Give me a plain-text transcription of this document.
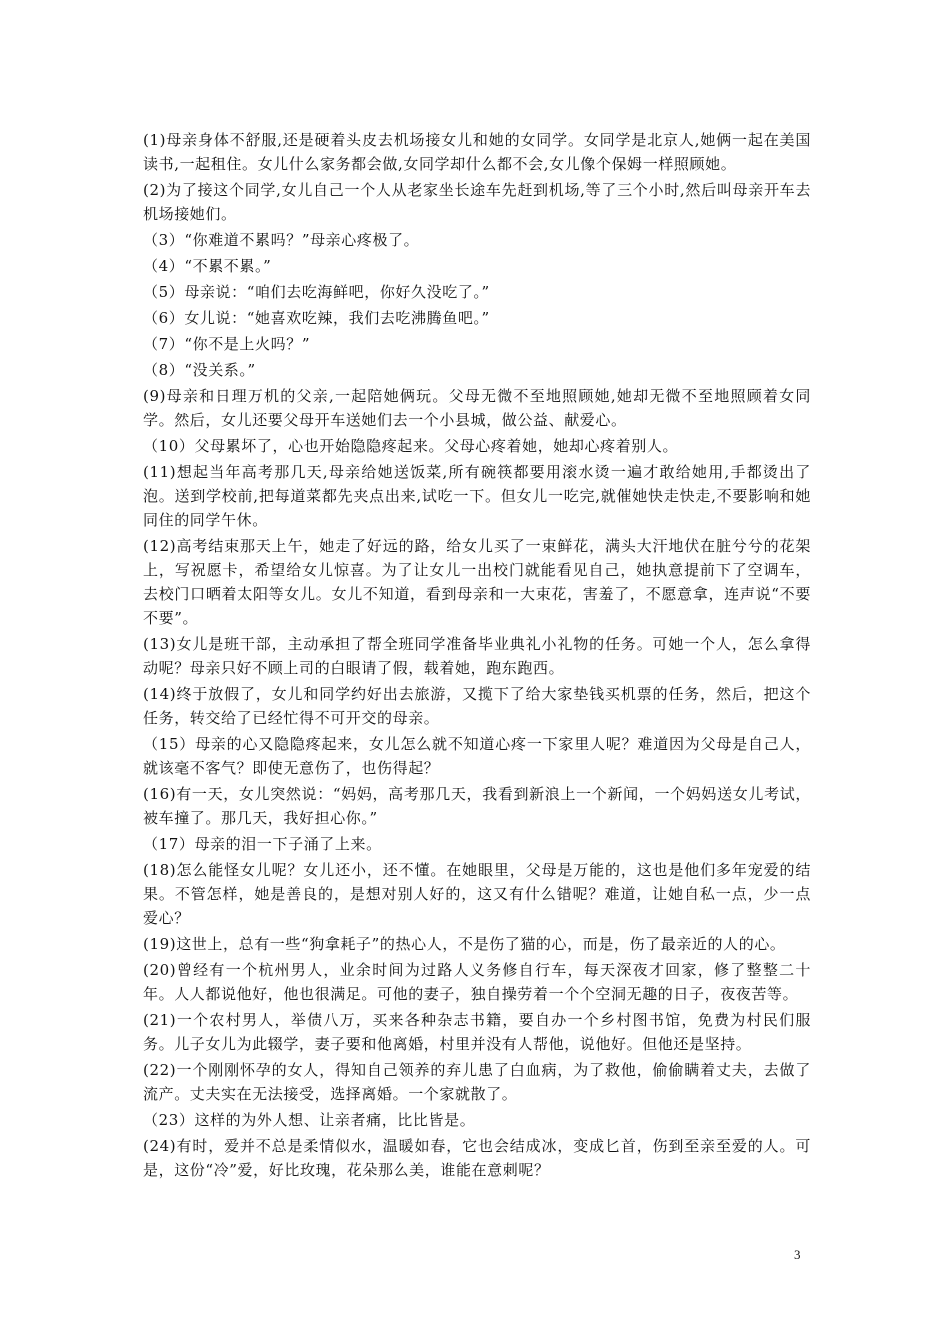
(1)母亲身体不舒服,还是硬着头皮去机场接女儿和她的女同学。女同学是北京人,她俩一起在美国读书,一起租住。女儿什么家务都会做,女同学却什么都不会,女儿像个保姆一样照顾她。

(2)为了接这个同学,女儿自己一个人从老家坐长途车先赶到机场,等了三个小时,然后叫母亲开车去机场接她们。

（3）“你难道不累吗？”母亲心疼极了。

（4）“不累不累。”

（5）母亲说：“咱们去吃海鲜吧，你好久没吃了。”

（6）女儿说：“她喜欢吃辣，我们去吃沸腾鱼吧。”

（7）“你不是上火吗？”

（8）“没关系。”

(9)母亲和日理万机的父亲,一起陪她俩玩。父母无微不至地照顾她,她却无微不至地照顾着女同学。然后，女儿还要父母开车送她们去一个小县城，做公益、献爱心。

（10）父母累坏了，心也开始隐隐疼起来。父母心疼着她，她却心疼着别人。

(11)想起当年高考那几天,母亲给她送饭菜,所有碗筷都要用滚水烫一遍才敢给她用,手都烫出了泡。送到学校前,把每道菜都先夹点出来,试吃一下。但女儿一吃完,就催她快走快走,不要影响和她同住的同学午休。

(12)高考结束那天上午，她走了好远的路，给女儿买了一束鲜花，满头大汗地伏在脏兮兮的花架上，写祝愿卡，希望给女儿惊喜。为了让女儿一出校门就能看见自己，她执意提前下了空调车，去校门口晒着太阳等女儿。女儿不知道，看到母亲和一大束花，害羞了，不愿意拿，连声说“不要不要”。

(13)女儿是班干部，主动承担了帮全班同学准备毕业典礼小礼物的任务。可她一个人，怎么拿得动呢？母亲只好不顾上司的白眼请了假，载着她，跑东跑西。

(14)终于放假了，女儿和同学约好出去旅游，又揽下了给大家垫钱买机票的任务，然后，把这个任务，转交给了已经忙得不可开交的母亲。

（15）母亲的心又隐隐疼起来，女儿怎么就不知道心疼一下家里人呢？难道因为父母是自己人，就该毫不客气？即使无意伤了，也伤得起？

(16)有一天，女儿突然说：“妈妈，高考那几天，我看到新浪上一个新闻，一个妈妈送女儿考试，被车撞了。那几天，我好担心你。”

（17）母亲的泪一下子涌了上来。

(18)怎么能怪女儿呢？女儿还小，还不懂。在她眼里，父母是万能的，这也是他们多年宠爱的结果。不管怎样，她是善良的，是想对别人好的，这又有什么错呢？难道，让她自私一点，少一点爱心？

(19)这世上，总有一些“狗拿耗子”的热心人，不是伤了猫的心，而是，伤了最亲近的人的心。

(20)曾经有一个杭州男人，业余时间为过路人义务修自行车，每天深夜才回家，修了整整二十年。人人都说他好，他也很满足。可他的妻子，独自操劳着一个个空洞无趣的日子，夜夜苦等。

(21)一个农村男人，举债八万，买来各种杂志书籍，要自办一个乡村图书馆，免费为村民们服务。儿子女儿为此辍学，妻子要和他离婚，村里并没有人帮他，说他好。但他还是坚持。

(22)一个刚刚怀孕的女人，得知自己领养的弃儿患了白血病，为了救他，偷偷瞒着丈夫，去做了流产。丈夫实在无法接受，选择离婚。一个家就散了。

（23）这样的为外人想、让亲者痛，比比皆是。

(24)有时，爱并不总是柔情似水，温暖如春，它也会结成冰，变成匕首，伤到至亲至爱的人。可是，这份“冷”爱，好比玫瑰，花朵那么美，谁能在意刺呢？

3
